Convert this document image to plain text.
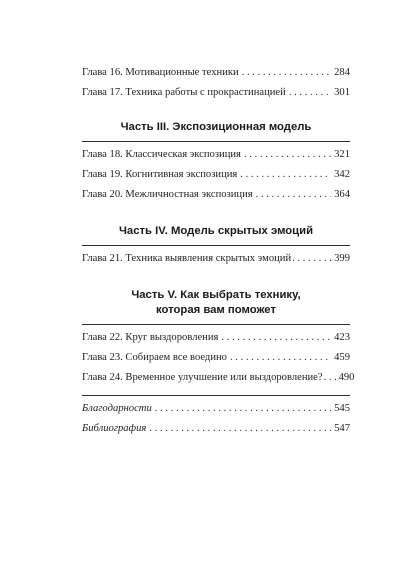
Глава 16. Мотивационные техники . . .	284
Глава 17. Техника работы с прокрастинацией . . .	301
Часть III. Экспозиционная модель
Глава 18. Классическая экспозиция . . .	321
Глава 19. Когнитивная экспозиция . . .	342
Глава 20. Межличностная экспозиция . . .	364
Часть IV. Модель скрытых эмоций
Глава 21. Техника выявления скрытых эмоций . . .	399
Часть V. Как выбрать технику,
которая вам поможет
Глава 22. Круг выздоровления . . .	423
Глава 23. Собираем все воедино . . .	459
Глава 24. Временное улучшение или выздоровление? . . . 490
Благодарности . . .	545
Библиография . . .	547
